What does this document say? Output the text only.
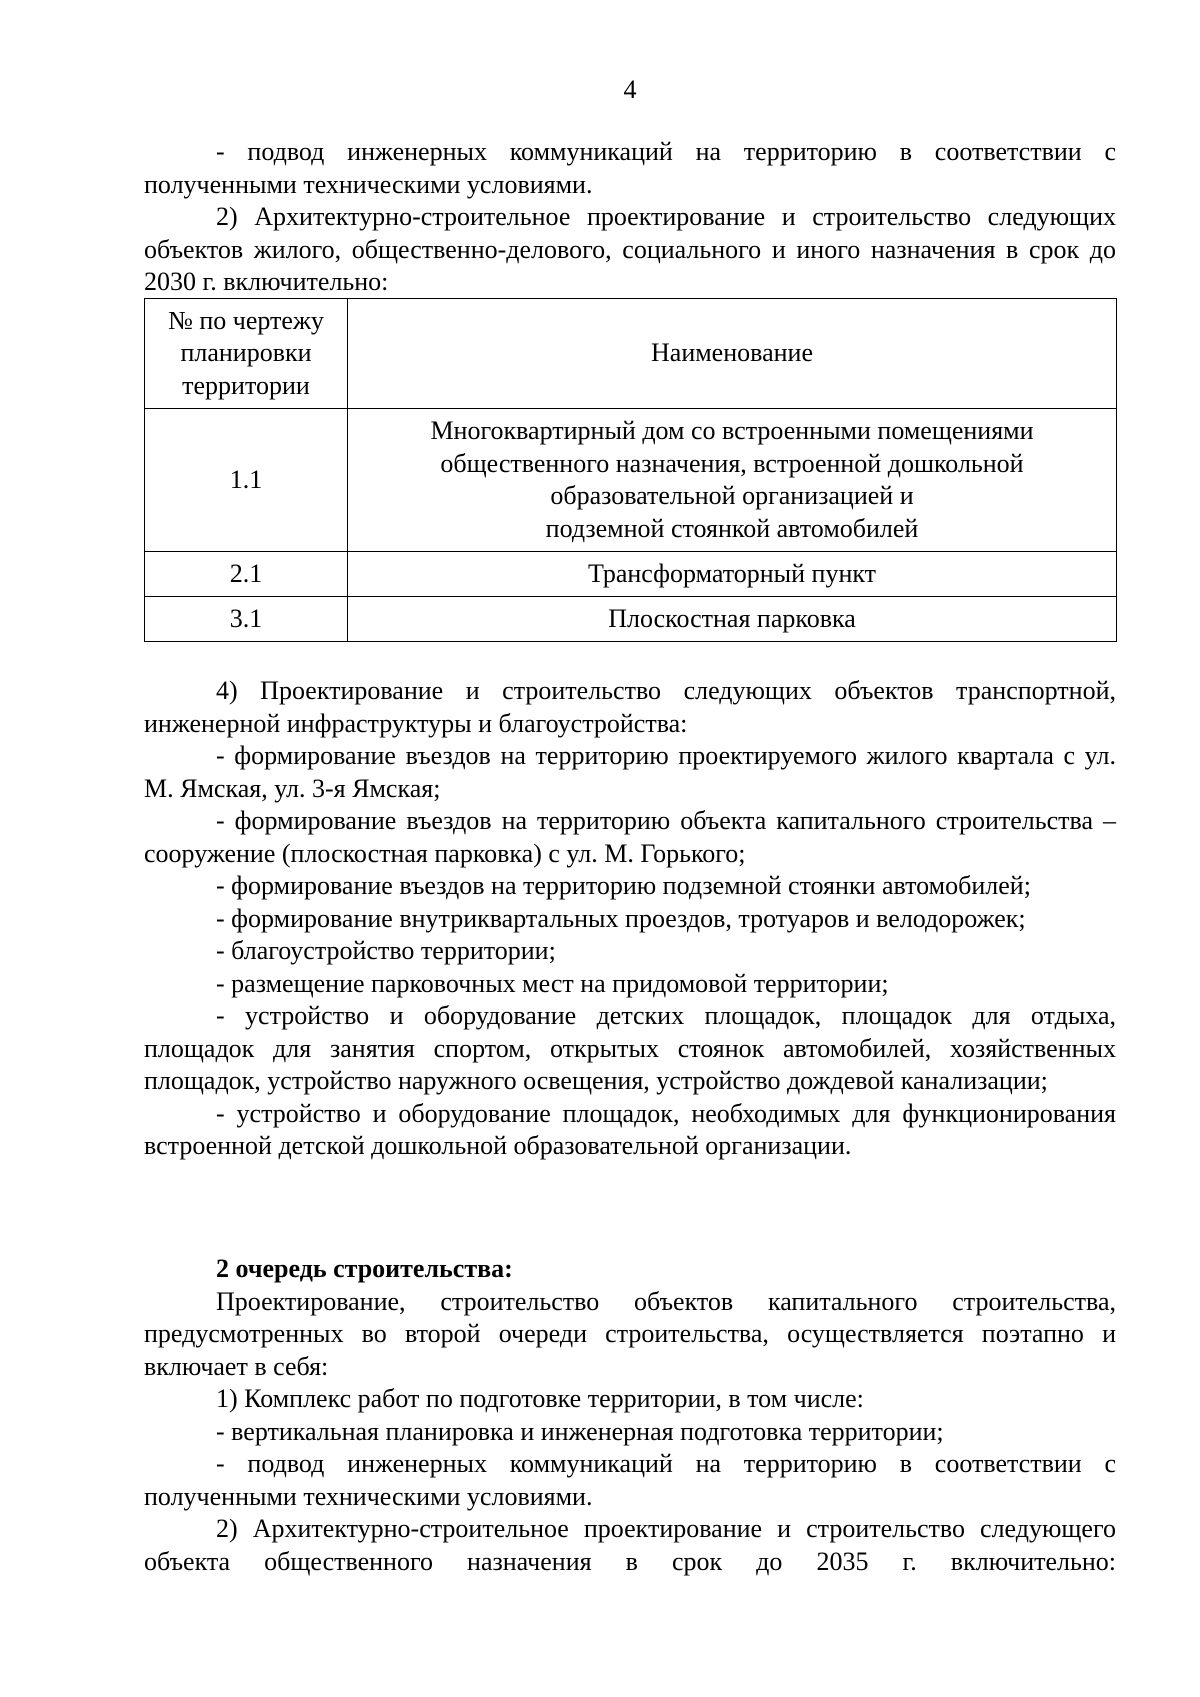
4

- подвод инженерных коммуникаций на территорию в соответствии с полученными техническими условиями.

2) Архитектурно-строительное проектирование и строительство следующих объектов жилого, общественно-делового, социального и иного назначения в срок до 2030 г. включительно:

№ по чертежу
планировки
территории	Наименование
1.1	Многоквартирный дом со встроенными помещениями
общественного назначения, встроенной дошкольной
образовательной организацией и
подземной стоянкой автомобилей
2.1	Трансформаторный пункт
3.1	Плоскостная парковка

4) Проектирование и строительство следующих объектов транспортной, инженерной инфраструктуры и благоустройства:

- формирование въездов на территорию проектируемого жилого квартала с ул. М. Ямская, ул. 3-я Ямская;

- формирование въездов на территорию объекта капитального строительства – сооружение (плоскостная парковка) с ул. М. Горького;

- формирование въездов на территорию подземной стоянки автомобилей;

- формирование внутриквартальных проездов, тротуаров и велодорожек;

- благоустройство территории;

- размещение парковочных мест на придомовой территории;

- устройство и оборудование детских площадок, площадок для отдыха, площадок для занятия спортом, открытых стоянок автомобилей, хозяйственных площадок, устройство наружного освещения, устройство дождевой канализации;

- устройство и оборудование площадок, необходимых для функционирования встроенной детской дошкольной образовательной организации.

2 очередь строительства:

Проектирование, строительство объектов капитального строительства, предусмотренных во второй очереди строительства, осуществляется поэтапно и включает в себя:

1) Комплекс работ по подготовке территории, в том числе:

- вертикальная планировка и инженерная подготовка территории;

- подвод инженерных коммуникаций на территорию в соответствии с полученными техническими условиями.

2) Архитектурно-строительное проектирование и строительство следующего объекта общественного назначения в срок до 2035 г. включительно:
